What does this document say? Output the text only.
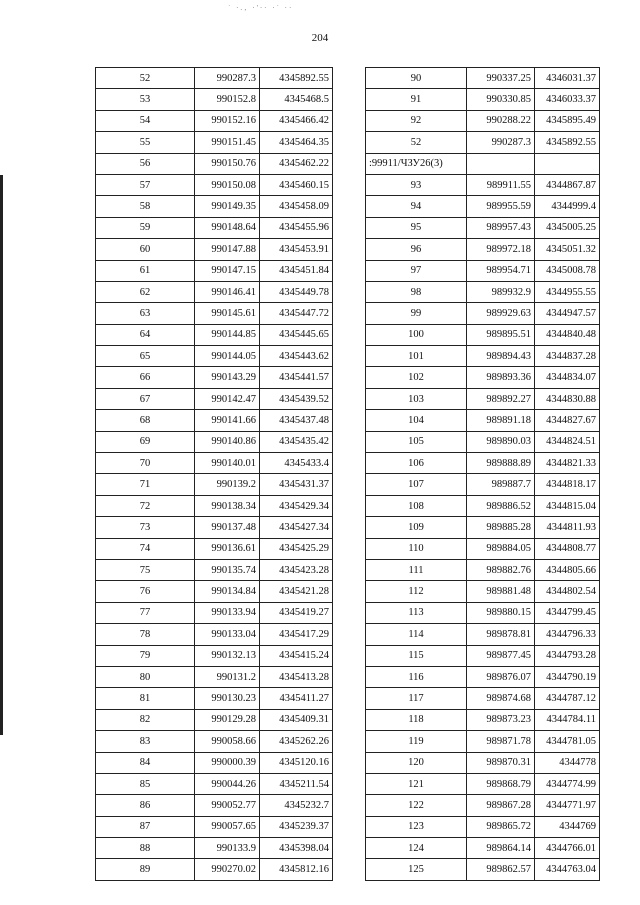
˙ ·.‚ ·'·· ·˙ ··
204
52	990287.3	4345892.55
53	990152.8	4345468.5
54	990152.16	4345466.42
55	990151.45	4345464.35
56	990150.76	4345462.22
57	990150.08	4345460.15
58	990149.35	4345458.09
59	990148.64	4345455.96
60	990147.88	4345453.91
61	990147.15	4345451.84
62	990146.41	4345449.78
63	990145.61	4345447.72
64	990144.85	4345445.65
65	990144.05	4345443.62
66	990143.29	4345441.57
67	990142.47	4345439.52
68	990141.66	4345437.48
69	990140.86	4345435.42
70	990140.01	4345433.4
71	990139.2	4345431.37
72	990138.34	4345429.34
73	990137.48	4345427.34
74	990136.61	4345425.29
75	990135.74	4345423.28
76	990134.84	4345421.28
77	990133.94	4345419.27
78	990133.04	4345417.29
79	990132.13	4345415.24
80	990131.2	4345413.28
81	990130.23	4345411.27
82	990129.28	4345409.31
83	990058.66	4345262.26
84	990000.39	4345120.16
85	990044.26	4345211.54
86	990052.77	4345232.7
87	990057.65	4345239.37
88	990133.9	4345398.04
89	990270.02	4345812.16
90	990337.25	4346031.37
91	990330.85	4346033.37
92	990288.22	4345895.49
52	990287.3	4345892.55
:99911/ЧЗУ26(3)		
93	989911.55	4344867.87
94	989955.59	4344999.4
95	989957.43	4345005.25
96	989972.18	4345051.32
97	989954.71	4345008.78
98	989932.9	4344955.55
99	989929.63	4344947.57
100	989895.51	4344840.48
101	989894.43	4344837.28
102	989893.36	4344834.07
103	989892.27	4344830.88
104	989891.18	4344827.67
105	989890.03	4344824.51
106	989888.89	4344821.33
107	989887.7	4344818.17
108	989886.52	4344815.04
109	989885.28	4344811.93
110	989884.05	4344808.77
111	989882.76	4344805.66
112	989881.48	4344802.54
113	989880.15	4344799.45
114	989878.81	4344796.33
115	989877.45	4344793.28
116	989876.07	4344790.19
117	989874.68	4344787.12
118	989873.23	4344784.11
119	989871.78	4344781.05
120	989870.31	4344778
121	989868.79	4344774.99
122	989867.28	4344771.97
123	989865.72	4344769
124	989864.14	4344766.01
125	989862.57	4344763.04
